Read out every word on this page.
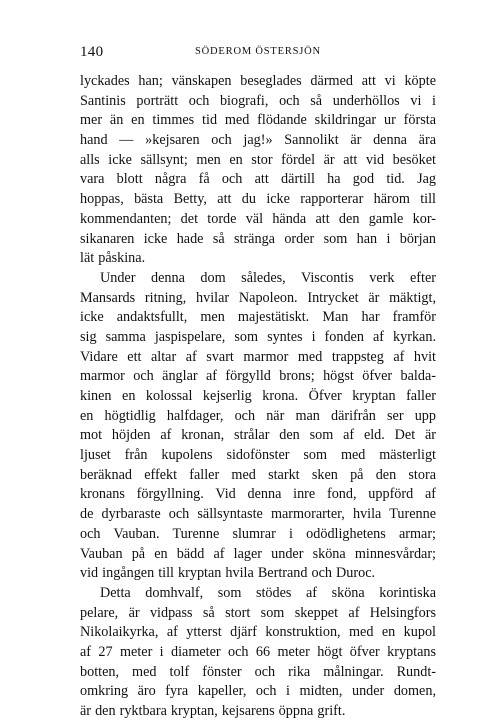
140	SÖDEROM ÖSTERSJÖN
lyckades han; vänskapen beseglades därmed att vi köpte
Santinis porträtt och biografi, och så underhöllos vi i
mer än en timmes tid med flödande skildringar ur första
hand — »kejsaren och jag!» Sannolikt är denna ära
alls icke sällsynt; men en stor fördel är att vid besöket
vara blott några få och att därtill ha god tid. Jag
hoppas, bästa Betty, att du icke rapporterar härom till
kommendanten; det torde väl hända att den gamle kor-
sikanaren icke hade så stränga order som han i början
lät påskina.
Under denna dom således, Viscontis verk efter
Mansards ritning, hvilar Napoleon. Intrycket är mäktigt,
icke andaktsfullt, men majestätiskt. Man har framför
sig samma jaspispelare, som syntes i fonden af kyrkan.
Vidare ett altar af svart marmor med trappsteg af hvit
marmor och änglar af förgylld brons; högst öfver balda-
kinen en kolossal kejserlig krona. Öfver kryptan faller
en högtidlig halfdager, och när man därifrån ser upp
mot höjden af kronan, strålar den som af eld. Det är
ljuset från kupolens sidofönster som med mästerligt
beräknad effekt faller med starkt sken på den stora
kronans förgyllning. Vid denna inre fond, uppförd af
de dyrbaraste och sällsyntaste marmorarter, hvila Turenne
och Vauban. Turenne slumrar i odödlighetens armar;
Vauban på en bädd af lager under sköna minnesvårdar;
vid ingången till kryptan hvila Bertrand och Duroc.
Detta domhvalf, som stödes af sköna korintiska
pelare, är vidpass så stort som skeppet af Helsingfors
Nikolaikyrka, af ytterst djärf konstruktion, med en kupol
af 27 meter i diameter och 66 meter högt öfver kryptans
botten, med tolf fönster och rika målningar. Rundt-
omkring äro fyra kapeller, och i midten, under domen,
är den ryktbara kryptan, kejsarens öppna grift.
